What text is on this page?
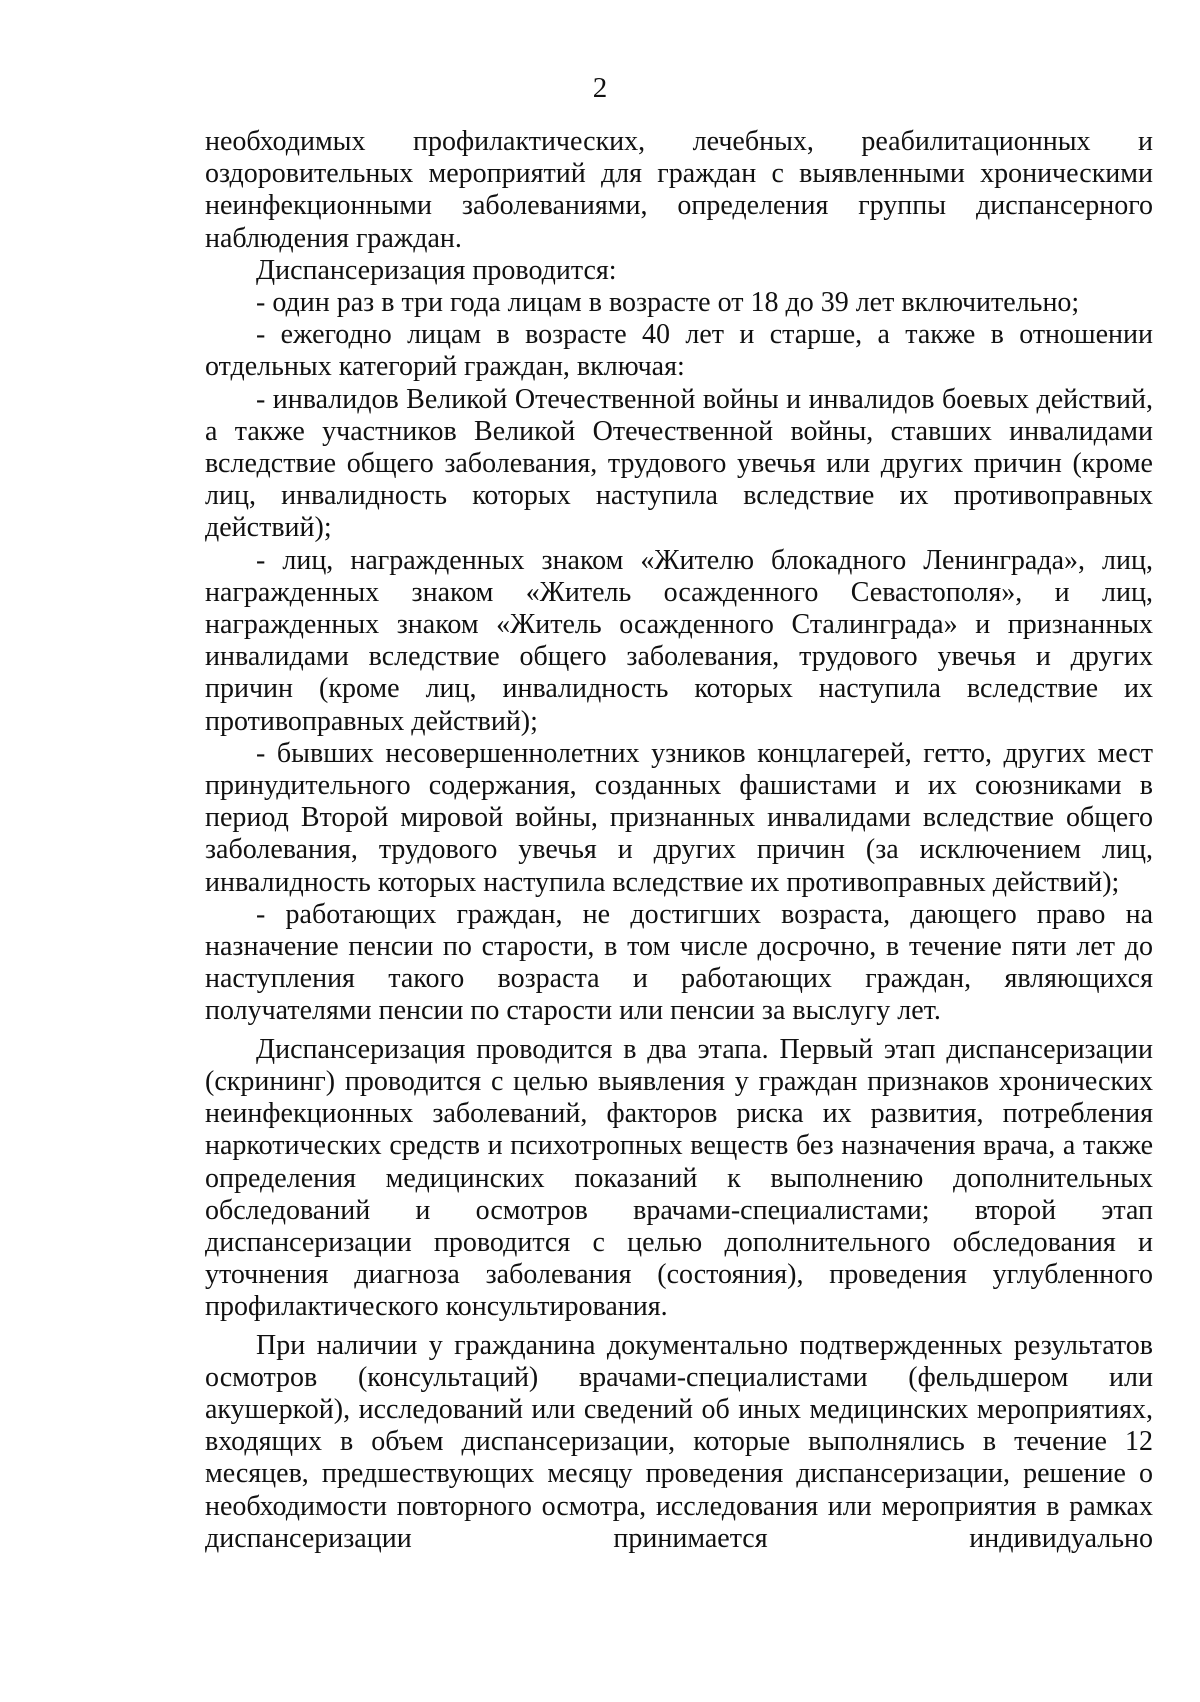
2

необходимых профилактических, лечебных, реабилитационных и оздоровительных мероприятий для граждан с выявленными хроническими неинфекционными заболеваниями, определения группы диспансерного наблюдения граждан.

Диспансеризация проводится:

- один раз в три года лицам в возрасте от 18 до 39 лет включительно;

- ежегодно лицам в возрасте 40 лет и старше, а также в отношении отдельных категорий граждан, включая:

- инвалидов Великой Отечественной войны и инвалидов боевых действий, а также участников Великой Отечественной войны, ставших инвалидами вследствие общего заболевания, трудового увечья или других причин (кроме лиц, инвалидность которых наступила вследствие их противоправных действий);

- лиц, награжденных знаком «Жителю блокадного Ленинграда», лиц, награжденных знаком «Житель осажденного Севастополя», и лиц, награжденных знаком «Житель осажденного Сталинграда» и признанных инвалидами вследствие общего заболевания, трудового увечья и других причин (кроме лиц, инвалидность которых наступила вследствие их противоправных действий);

- бывших несовершеннолетних узников концлагерей, гетто, других мест принудительного содержания, созданных фашистами и их союзниками в период Второй мировой войны, признанных инвалидами вследствие общего заболевания, трудового увечья и других причин (за исключением лиц, инвалидность которых наступила вследствие их противоправных действий);

- работающих граждан, не достигших возраста, дающего право на назначение пенсии по старости, в том числе досрочно, в течение пяти лет до наступления такого возраста и работающих граждан, являющихся получателями пенсии по старости или пенсии за выслугу лет.

Диспансеризация проводится в два этапа. Первый этап диспансеризации (скрининг) проводится с целью выявления у граждан признаков хронических неинфекционных заболеваний, факторов риска их развития, потребления наркотических средств и психотропных веществ без назначения врача, а также определения медицинских показаний к выполнению дополнительных обследований и осмотров врачами-специалистами; второй этап диспансеризации проводится с целью дополнительного обследования и уточнения диагноза заболевания (состояния), проведения углубленного профилактического консультирования.

При наличии у гражданина документально подтвержденных результатов осмотров (консультаций) врачами-специалистами (фельдшером или акушеркой), исследований или сведений об иных медицинских мероприятиях, входящих в объем диспансеризации, которые выполнялись в течение 12 месяцев, предшествующих месяцу проведения диспансеризации, решение о необходимости повторного осмотра, исследования или мероприятия в рамках диспансеризации принимается индивидуально
